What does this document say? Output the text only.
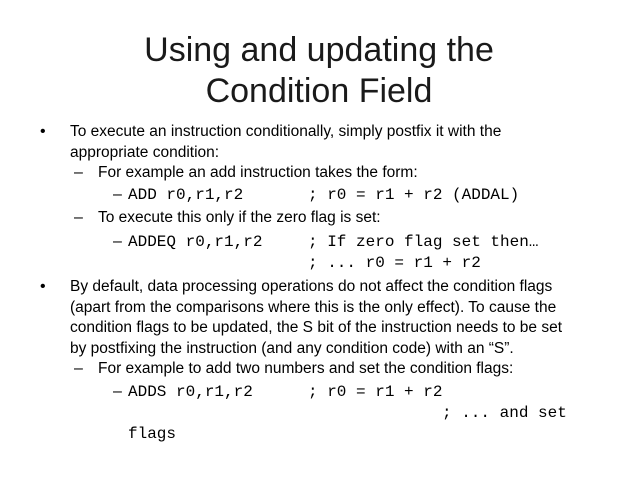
Using and updating the
Condition Field
• To execute an instruction conditionally, simply postfix it with the
appropriate condition:
– For example an add instruction takes the form:
– ADD r0,r1,r2	; r0 = r1 + r2 (ADDAL)
– To execute this only if the zero flag is set:
– ADDEQ r0,r1,r2	; If zero flag set then…
; ... r0 = r1 + r2
• By default, data processing operations do not affect the condition flags
(apart from the comparisons where this is the only effect). To cause the
condition flags to be updated, the S bit of the instruction needs to be set
by postfixing the instruction (and any condition code) with an “S”.
– For example to add two numbers and set the condition flags:
– ADDS r0,r1,r2	; r0 = r1 + r2
; ... and set
flags
